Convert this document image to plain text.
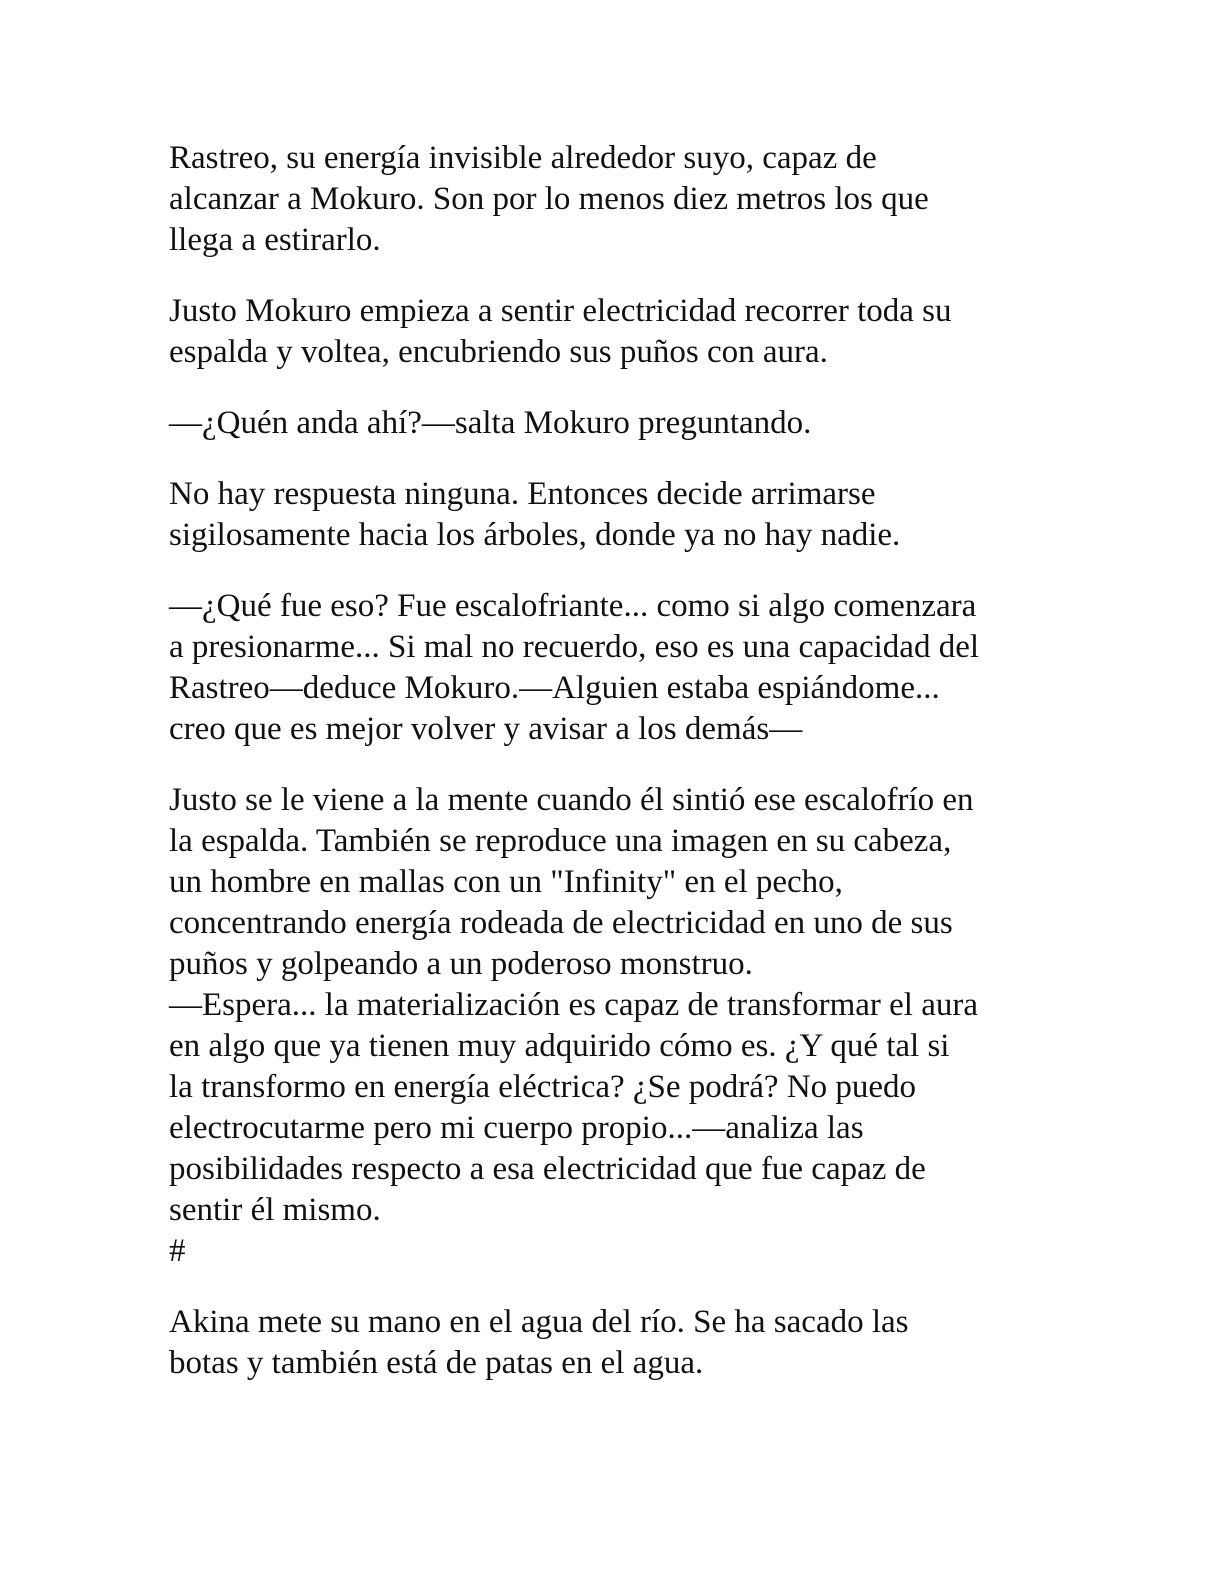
Rastreo, su energía invisible alrededor suyo, capaz de
alcanzar a Mokuro. Son por lo menos diez metros los que
llega a estirarlo.

Justo Mokuro empieza a sentir electricidad recorrer toda su
espalda y voltea, encubriendo sus puños con aura.

—¿Quén anda ahí?—salta Mokuro preguntando.

No hay respuesta ninguna. Entonces decide arrimarse
sigilosamente hacia los árboles, donde ya no hay nadie.

—¿Qué fue eso? Fue escalofriante... como si algo comenzara
a presionarme... Si mal no recuerdo, eso es una capacidad del
Rastreo—deduce Mokuro.—Alguien estaba espiándome...
creo que es mejor volver y avisar a los demás—

Justo se le viene a la mente cuando él sintió ese escalofrío en
la espalda. También se reproduce una imagen en su cabeza,
un hombre en mallas con un "Infinity" en el pecho,
concentrando energía rodeada de electricidad en uno de sus
puños y golpeando a un poderoso monstruo.
—Espera... la materialización es capaz de transformar el aura
en algo que ya tienen muy adquirido cómo es. ¿Y qué tal si
la transformo en energía eléctrica? ¿Se podrá? No puedo
electrocutarme pero mi cuerpo propio...—analiza las
posibilidades respecto a esa electricidad que fue capaz de
sentir él mismo.
#

Akina mete su mano en el agua del río. Se ha sacado las
botas y también está de patas en el agua.
